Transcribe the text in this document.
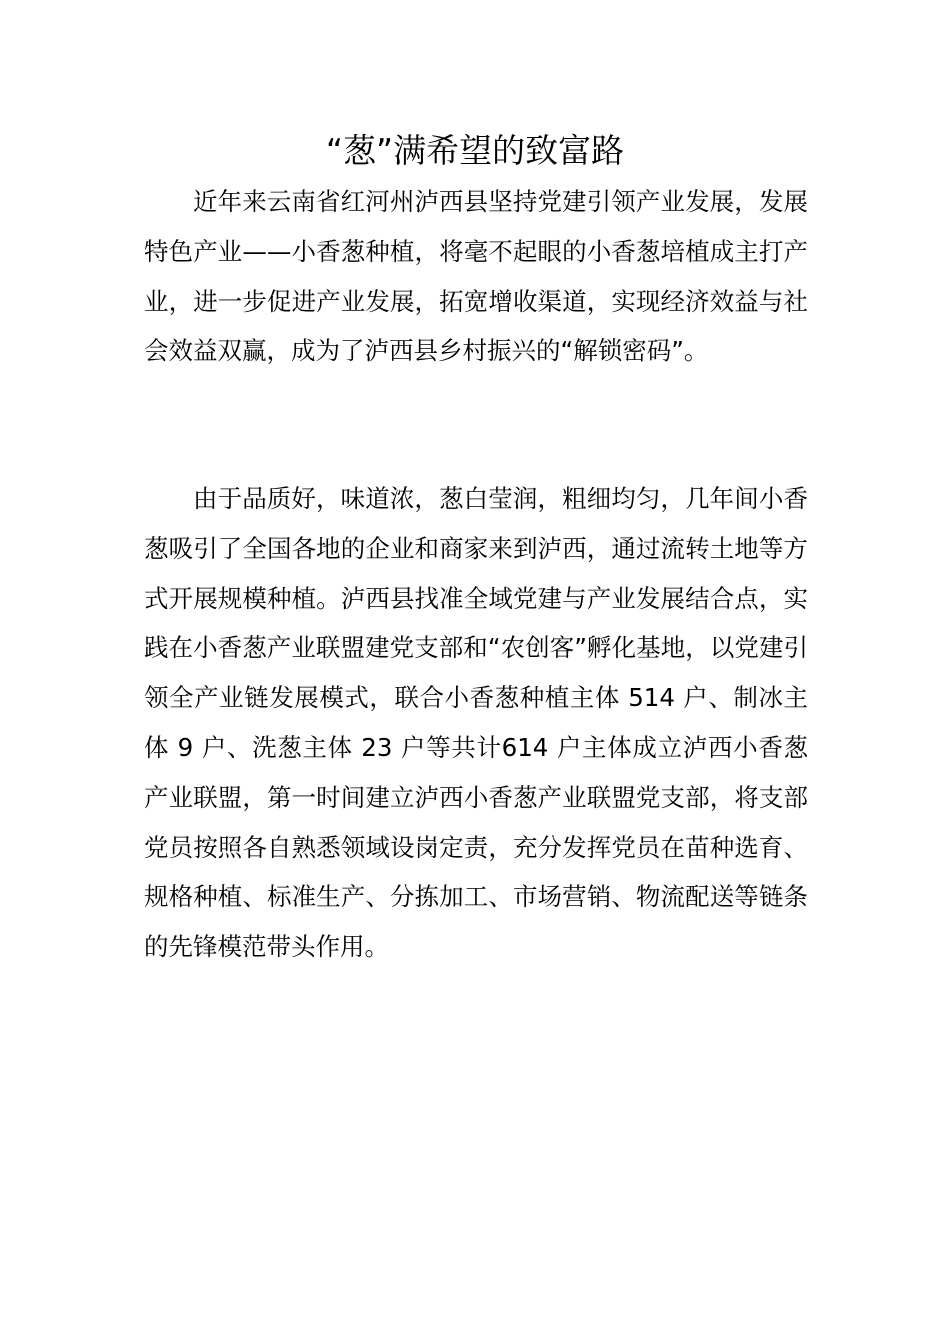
“葱”满希望的致富路

近年来云南省红河州泸西县坚持党建引领产业发展，发展特色产业——小香葱种植，将毫不起眼的小香葱培植成主打产业，进一步促进产业发展，拓宽增收渠道，实现经济效益与社会效益双赢，成为了泸西县乡村振兴的“解锁密码”。

由于品质好，味道浓，葱白莹润，粗细均匀，几年间小香葱吸引了全国各地的企业和商家来到泸西，通过流转土地等方式开展规模种植。泸西县找准全域党建与产业发展结合点，实践在小香葱产业联盟建党支部和“农创客”孵化基地，以党建引领全产业链发展模式，联合小香葱种植主体 514 户、制冰主体 9 户、洗葱主体 23 户等共计614 户主体成立泸西小香葱产业联盟，第一时间建立泸西小香葱产业联盟党支部，将支部党员按照各自熟悉领域设岗定责，充分发挥党员在苗种选育、规格种植、标准生产、分拣加工、市场营销、物流配送等链条的先锋模范带头作用。
